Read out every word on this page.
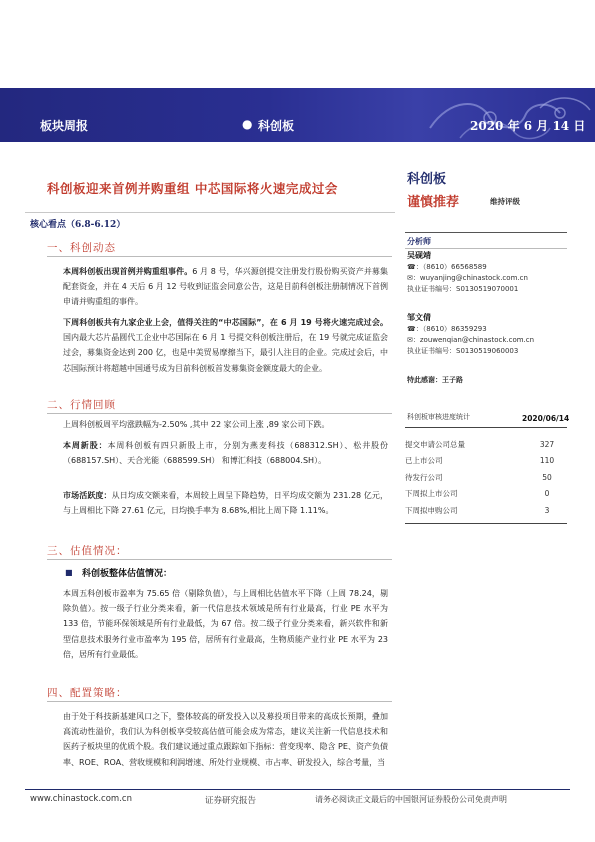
板块周报	● 科创板	2020 年 6 月 14 日
科创板迎来首例并购重组 中芯国际将火速完成过会
核心看点（6.8-6.12）
一、科创动态
本周科创板出现首例并购重组事件。6 月 8 号，华兴源创提交注册发行股份购买资产并募集配套资金，并在 4 天后 6 月 12 号收到证监会同意公告，这是目前科创板注册制情况下首例申请并购重组的事件。
下周科创板共有九家企业上会，值得关注的“中芯国际”，在 6 月 19 号将火速完成过会。国内最大芯片晶圆代工企业中芯国际在 6 月 1 号提交科创板注册后，在 19 号就完成证监会过会，募集资金达到 200 亿，也是中美贸易摩擦当下，最引人注目的企业。完成过会后，中芯国际预计将超越中国通号成为目前科创板首发募集资金额度最大的企业。
二、行情回顾
上周科创板周平均涨跌幅为-2.50% ,其中 22 家公司上涨 ,89 家公司下跌。
本周新股：本周科创板有四只新股上市，分别为燕麦科技（688312.SH）、松井股份（688157.SH）、天合光能（688599.SH） 和博汇科技（688004.SH）。
市场活跃度：从日均成交额来看，本周较上周呈下降趋势，日平均成交额为 231.28 亿元，与上周相比下降 27.61 亿元，日均换手率为 8.68%,相比上周下降 1.11%。
三、估值情况：
■ 科创板整体估值情况：
本周五科创板市盈率为 75.65 倍（剔除负值），与上周相比估值水平下降（上周 78.24，剔除负值）。按一级子行业分类来看，新一代信息技术领域是所有行业最高，行业 PE 水平为 133 倍，节能环保领域是所有行业最低，为 67 倍。按二级子行业分类来看，新兴软件和新型信息技术服务行业市盈率为 195 倍，居所有行业最高，生物质能产业行业 PE 水平为 23 倍，居所有行业最低。
四、配置策略：
由于处于科技新基建风口之下，整体较高的研发投入以及募投项目带来的高成长预期，叠加高流动性溢价，我们认为科创板享受较高估值可能会成为常态，建议关注新一代信息技术和医药子板块里的优质个股。我们建议通过重点跟踪如下指标：营变现率、隐含 PE、资产负债率、ROE、ROA、营收规模和利润增速、所处行业规模、市占率、研发投入，综合考量，当
科创板
谨慎推荐	维持评级
分析师
吴砚靖
☎：（8610）66568589
✉：wuyanjing@chinastock.com.cn
执业证书编号：S0130519070001
邹文倩
☎：（8610）86359293
✉：zouwenqian@chinastock.com.cn
执业证书编号：S0130519060003
特此感谢：王子路
科创板审核进度统计	2020/06/14
提交申请公司总量	327
已上市公司	110
待发行公司	50
下周拟上市公司	0
下周拟申购公司	3
www.chinastock.com.cn	证券研究报告	请务必阅读正文最后的中国银河证券股份公司免责声明
